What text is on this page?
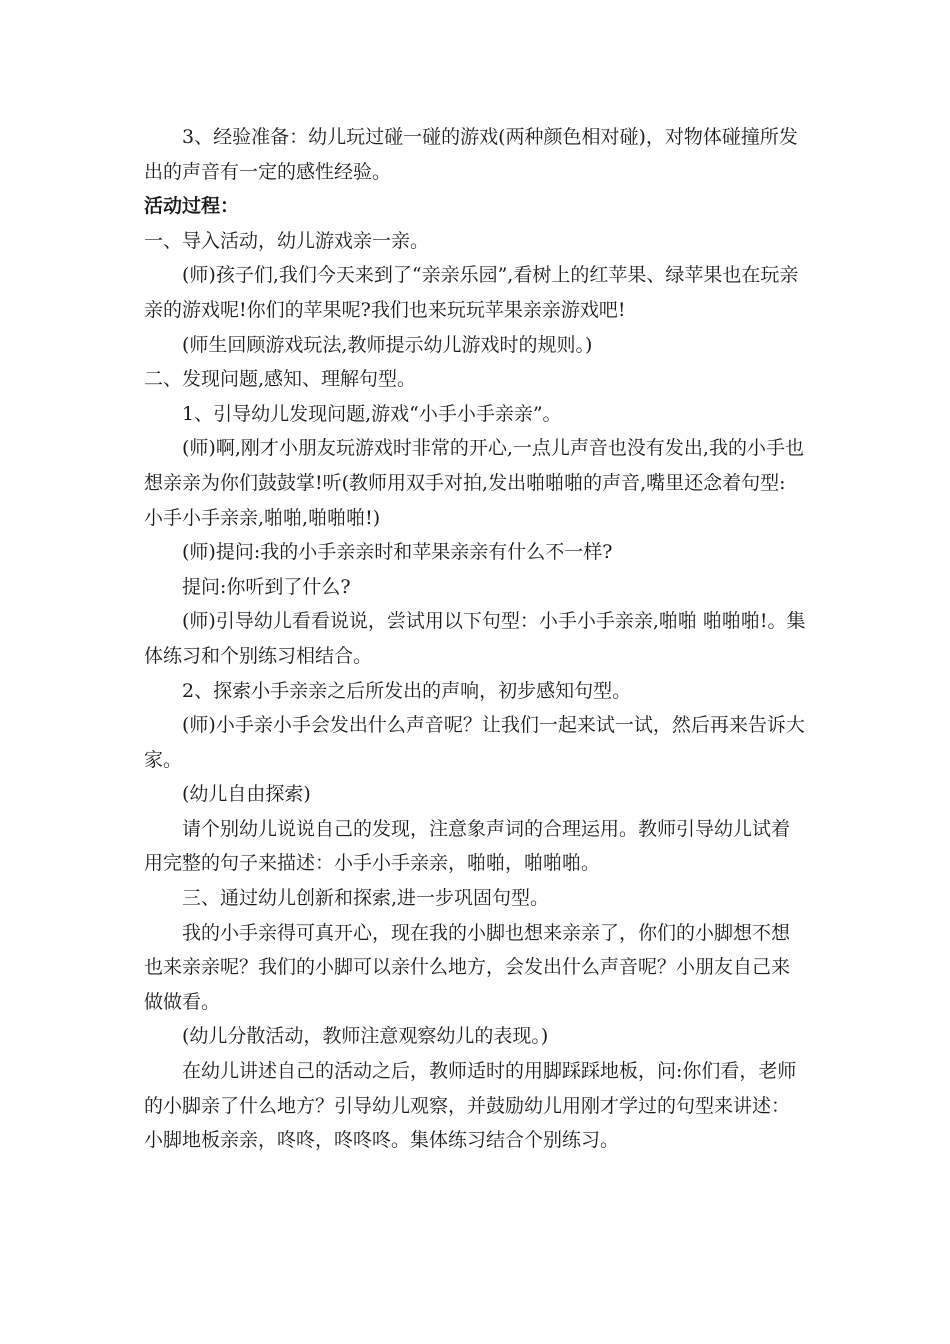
3、经验准备：幼儿玩过碰一碰的游戏(两种颜色相对碰)，对物体碰撞所发出的声音有一定的感性经验。

活动过程：

一、导入活动，幼儿游戏亲一亲。

(师)孩子们,我们今天来到了“亲亲乐园”,看树上的红苹果、绿苹果也在玩亲亲的游戏呢!你们的苹果呢?我们也来玩玩苹果亲亲游戏吧!

(师生回顾游戏玩法,教师提示幼儿游戏时的规则。)

二、发现问题,感知、理解句型。

1、引导幼儿发现问题,游戏“小手小手亲亲”。

(师)啊,刚才小朋友玩游戏时非常的开心,一点儿声音也没有发出,我的小手也想亲亲为你们鼓鼓掌!听(教师用双手对拍,发出啪啪啪的声音,嘴里还念着句型: 小手小手亲亲,啪啪,啪啪啪!)

(师)提问:我的小手亲亲时和苹果亲亲有什么不一样?

提问:你听到了什么?

(师)引导幼儿看看说说，尝试用以下句型：小手小手亲亲,啪啪 啪啪啪!。集体练习和个别练习相结合。

2、探索小手亲亲之后所发出的声响，初步感知句型。

(师)小手亲小手会发出什么声音呢？让我们一起来试一试，然后再来告诉大家。

(幼儿自由探索)

请个别幼儿说说自己的发现，注意象声词的合理运用。教师引导幼儿试着用完整的句子来描述：小手小手亲亲，啪啪，啪啪啪。

三、通过幼儿创新和探索,进一步巩固句型。

我的小手亲得可真开心，现在我的小脚也想来亲亲了，你们的小脚想不想也来亲亲呢？我们的小脚可以亲什么地方，会发出什么声音呢？小朋友自己来做做看。

(幼儿分散活动，教师注意观察幼儿的表现。)

在幼儿讲述自己的活动之后，教师适时的用脚踩踩地板，问:你们看，老师的小脚亲了什么地方？引导幼儿观察，并鼓励幼儿用刚才学过的句型来讲述：小脚地板亲亲，咚咚，咚咚咚。集体练习结合个别练习。
